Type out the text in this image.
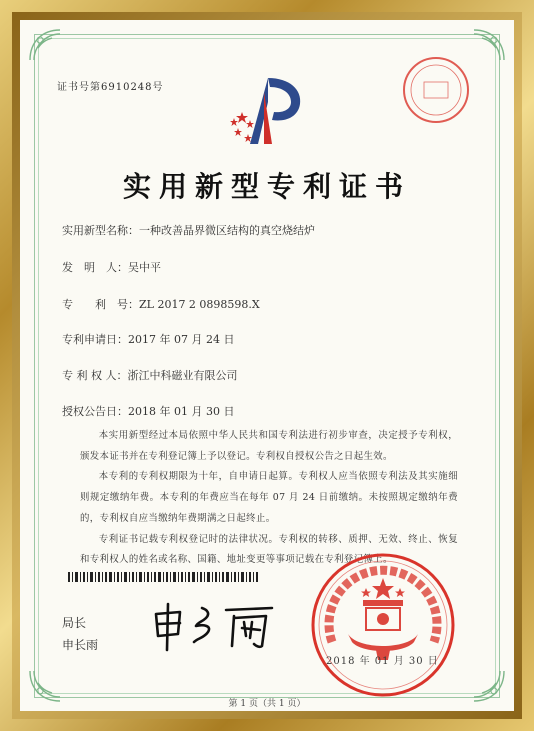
证书号第6910248号
实用新型专利证书
实用新型名称：一种改善晶界微区结构的真空烧结炉
发　明　人：吴中平
专　　利　号：ZL 2017 2 0898598.X
专利申请日：2017 年 07 月 24 日
专 利 权 人：浙江中科磁业有限公司
授权公告日：2018 年 01 月 30 日

本实用新型经过本局依照中华人民共和国专利法进行初步审查，决定授予专利权，颁发本证书并在专利登记簿上予以登记。专利权自授权公告之日起生效。

本专利的专利权期限为十年，自申请日起算。专利权人应当依照专利法及其实施细则规定缴纳年费。本专利的年费应当在每年 07 月 24 日前缴纳。未按照规定缴纳年费的，专利权自应当缴纳年费期满之日起终止。

专利证书记载专利权登记时的法律状况。专利权的转移、质押、无效、终止、恢复和专利权人的姓名或名称、国籍、地址变更等事项记载在专利登记簿上。

局长
申长雨
2018 年 01 月 30 日
第 1 页（共 1 页）
